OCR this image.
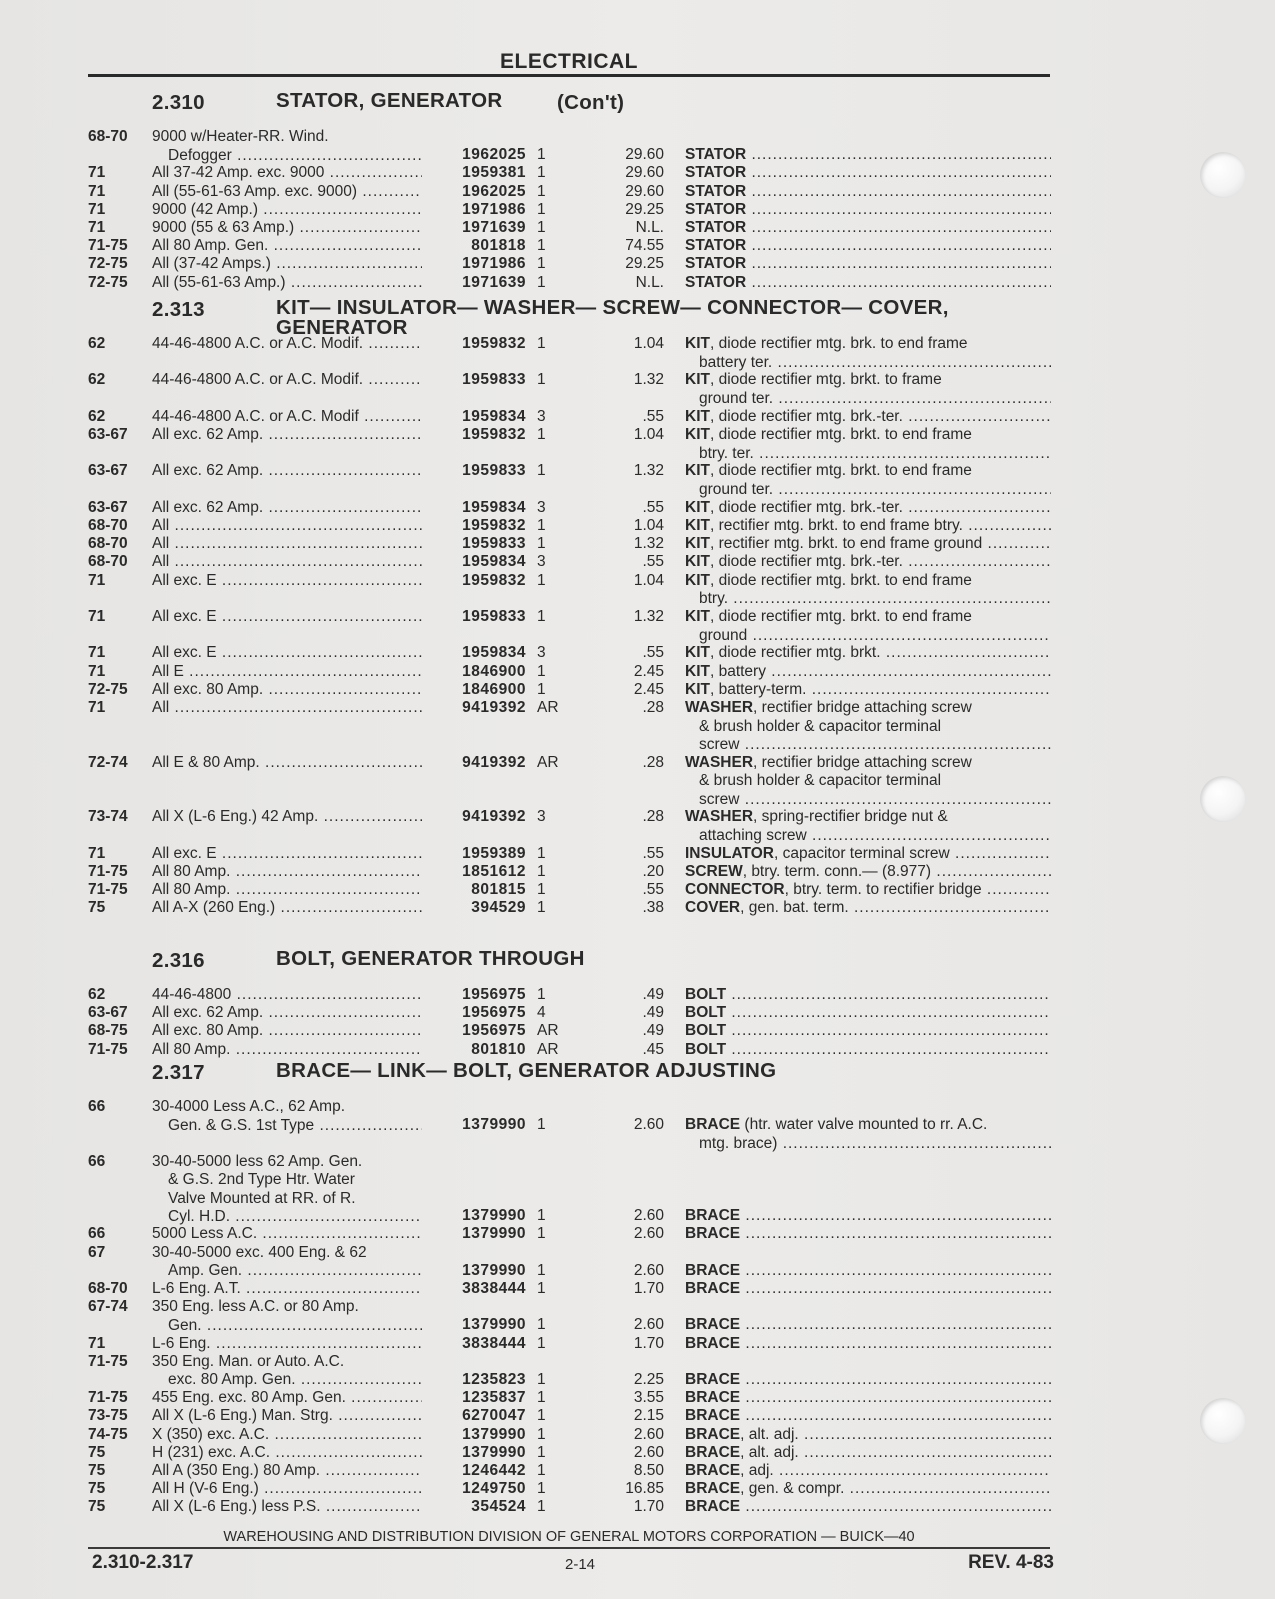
ELECTRICAL
2.310	STATOR, GENERATOR	(Con't)
68-70	9000 w/Heater-RR. Wind.
Defogger .....	1962025 1	29.60 STATOR .....
71	All 37-42 Amp. exc. 9000 .....	1959381 1	29.60 STATOR .....
71	All (55-61-63 Amp. exc. 9000) .....	1962025 1	29.60 STATOR .....
71	9000 (42 Amp.) .....	1971986 1	29.25 STATOR .....
71	9000 (55 & 63 Amp.) .....	1971639 1	N.L. STATOR .....
71-75	All 80 Amp. Gen. .....	801818 1	74.55 STATOR .....
72-75	All (37-42 Amps.) .....	1971986 1	29.25 STATOR .....
72-75	All (55-61-63 Amp.) .....	1971639 1	N.L. STATOR .....
2.313	KIT— INSULATOR— WASHER— SCREW— CONNECTOR— COVER, GENERATOR
62	44-46-4800 A.C. or A.C. Modif. .....	1959832 1	1.04 KIT, diode rectifier mtg. brk. to end frame
battery ter. .....
62	44-46-4800 A.C. or A.C. Modif. .....	1959833 1	1.32 KIT, diode rectifier mtg. brkt. to frame
ground ter. .....
62	44-46-4800 A.C. or A.C. Modif .....	1959834 3	.55 KIT, diode rectifier mtg. brk.-ter. .....
63-67	All exc. 62 Amp. .....	1959832 1	1.04 KIT, diode rectifier mtg. brkt. to end frame
btry. ter. .....
63-67	All exc. 62 Amp. .....	1959833 1	1.32 KIT, diode rectifier mtg. brkt. to end frame
ground ter. .....
63-67	All exc. 62 Amp. .....	1959834 3	.55 KIT, diode rectifier mtg. brk.-ter. .....
68-70	All .....	1959832 1	1.04 KIT, rectifier mtg. brkt. to end frame btry. .....
68-70	All .....	1959833 1	1.32 KIT, rectifier mtg. brkt. to end frame ground .....
68-70	All .....	1959834 3	.55 KIT, diode rectifier mtg. brk.-ter. .....
71	All exc. E .....	1959832 1	1.04 KIT, diode rectifier mtg. brkt. to end frame
btry. .....
71	All exc. E .....	1959833 1	1.32 KIT, diode rectifier mtg. brkt. to end frame
ground .....
71	All exc. E .....	1959834 3	.55 KIT, diode rectifier mtg. brkt. .....
71	All E .....	1846900 1	2.45 KIT, battery .....
72-75	All exc. 80 Amp. .....	1846900 1	2.45 KIT, battery-term. .....
71	All .....	9419392 AR	.28 WASHER, rectifier bridge attaching screw
& brush holder & capacitor terminal
screw .....
72-74	All E & 80 Amp. .....	9419392 AR	.28 WASHER, rectifier bridge attaching screw
& brush holder & capacitor terminal
screw .....
73-74	All X (L-6 Eng.) 42 Amp. .....	9419392 3	.28 WASHER, spring-rectifier bridge nut &
attaching screw .....
71	All exc. E .....	1959389 1	.55 INSULATOR, capacitor terminal screw .....
71-75	All 80 Amp. .....	1851612 1	.20 SCREW, btry. term. conn.— (8.977) .....
71-75	All 80 Amp. .....	801815 1	.55 CONNECTOR, btry. term. to rectifier bridge .....
75	All A-X (260 Eng.) .....	394529 1	.38 COVER, gen. bat. term. .....
2.316	BOLT, GENERATOR THROUGH
62	44-46-4800 .....	1956975 1	.49 BOLT .....
63-67	All exc. 62 Amp. .....	1956975 4	.49 BOLT .....
68-75	All exc. 80 Amp. .....	1956975 AR	.49 BOLT .....
71-75	All 80 Amp. .....	801810 AR	.45 BOLT .....
2.317	BRACE— LINK— BOLT, GENERATOR ADJUSTING
66	30-4000 Less A.C., 62 Amp.
Gen. & G.S. 1st Type .....	1379990 1	2.60 BRACE (htr. water valve mounted to rr. A.C.
mtg. brace) .....
66	30-40-5000 less 62 Amp. Gen.
& G.S. 2nd Type Htr. Water
Valve Mounted at RR. of R.
Cyl. H.D. .....	1379990 1	2.60 BRACE .....
66	5000 Less A.C. .....	1379990 1	2.60 BRACE .....
67	30-40-5000 exc. 400 Eng. & 62
Amp. Gen. .....	1379990 1	2.60 BRACE .....
68-70	L-6 Eng. A.T. .....	3838444 1	1.70 BRACE .....
67-74	350 Eng. less A.C. or 80 Amp.
Gen. .....	1379990 1	2.60 BRACE .....
71	L-6 Eng. .....	3838444 1	1.70 BRACE .....
71-75	350 Eng. Man. or Auto. A.C.
exc. 80 Amp. Gen. .....	1235823 1	2.25 BRACE .....
71-75	455 Eng. exc. 80 Amp. Gen. .....	1235837 1	3.55 BRACE .....
73-75	All X (L-6 Eng.) Man. Strg. .....	6270047 1	2.15 BRACE .....
74-75	X (350) exc. A.C. .....	1379990 1	2.60 BRACE, alt. adj. .....
75	H (231) exc. A.C. .....	1379990 1	2.60 BRACE, alt. adj. .....
75	All A (350 Eng.) 80 Amp. .....	1246442 1	8.50 BRACE, adj. .....
75	All H (V-6 Eng.) .....	1249750 1	16.85 BRACE, gen. & compr. .....
75	All X (L-6 Eng.) less P.S. .....	354524 1	1.70 BRACE .....
WAREHOUSING AND DISTRIBUTION DIVISION OF GENERAL MOTORS CORPORATION — BUICK—40
2.310-2.317	2-14	REV. 4-83
